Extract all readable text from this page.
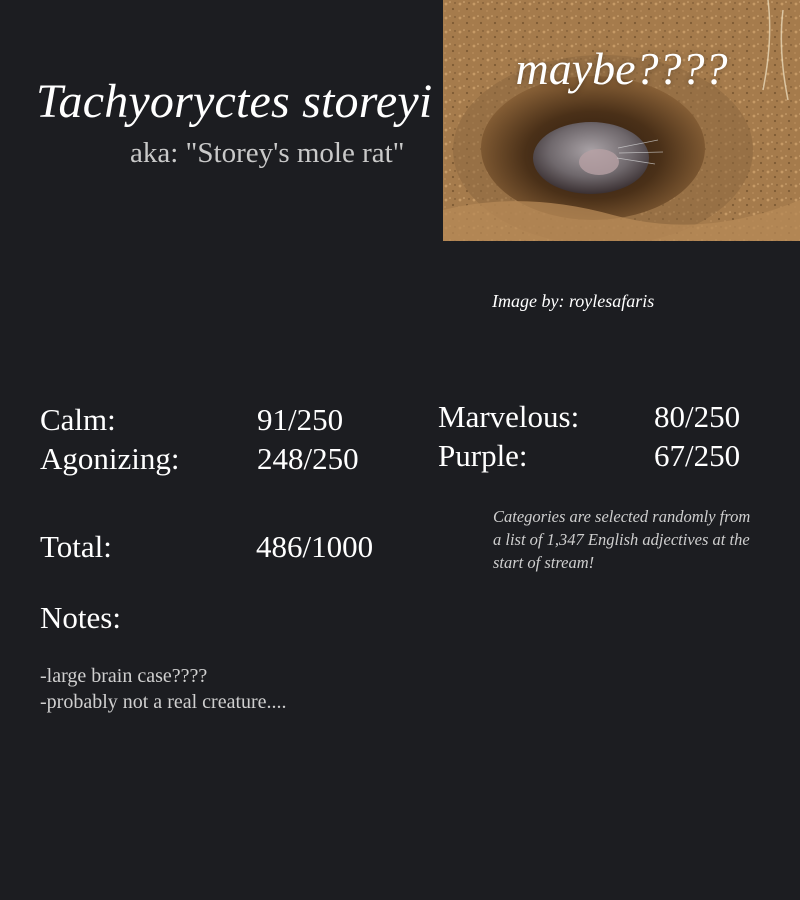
Tachyoryctes storeyi
aka: "Storey's mole rat"
maybe????
Image by: roylesafaris
Calm:	91/250
Agonizing:	248/250
Marvelous: 80/250
Purple:	67/250
Total:	486/1000
Categories are selected randomly from a list of 1,347 English adjectives at the start of stream!
Notes:
-large brain case????
-probably not a real creature....
